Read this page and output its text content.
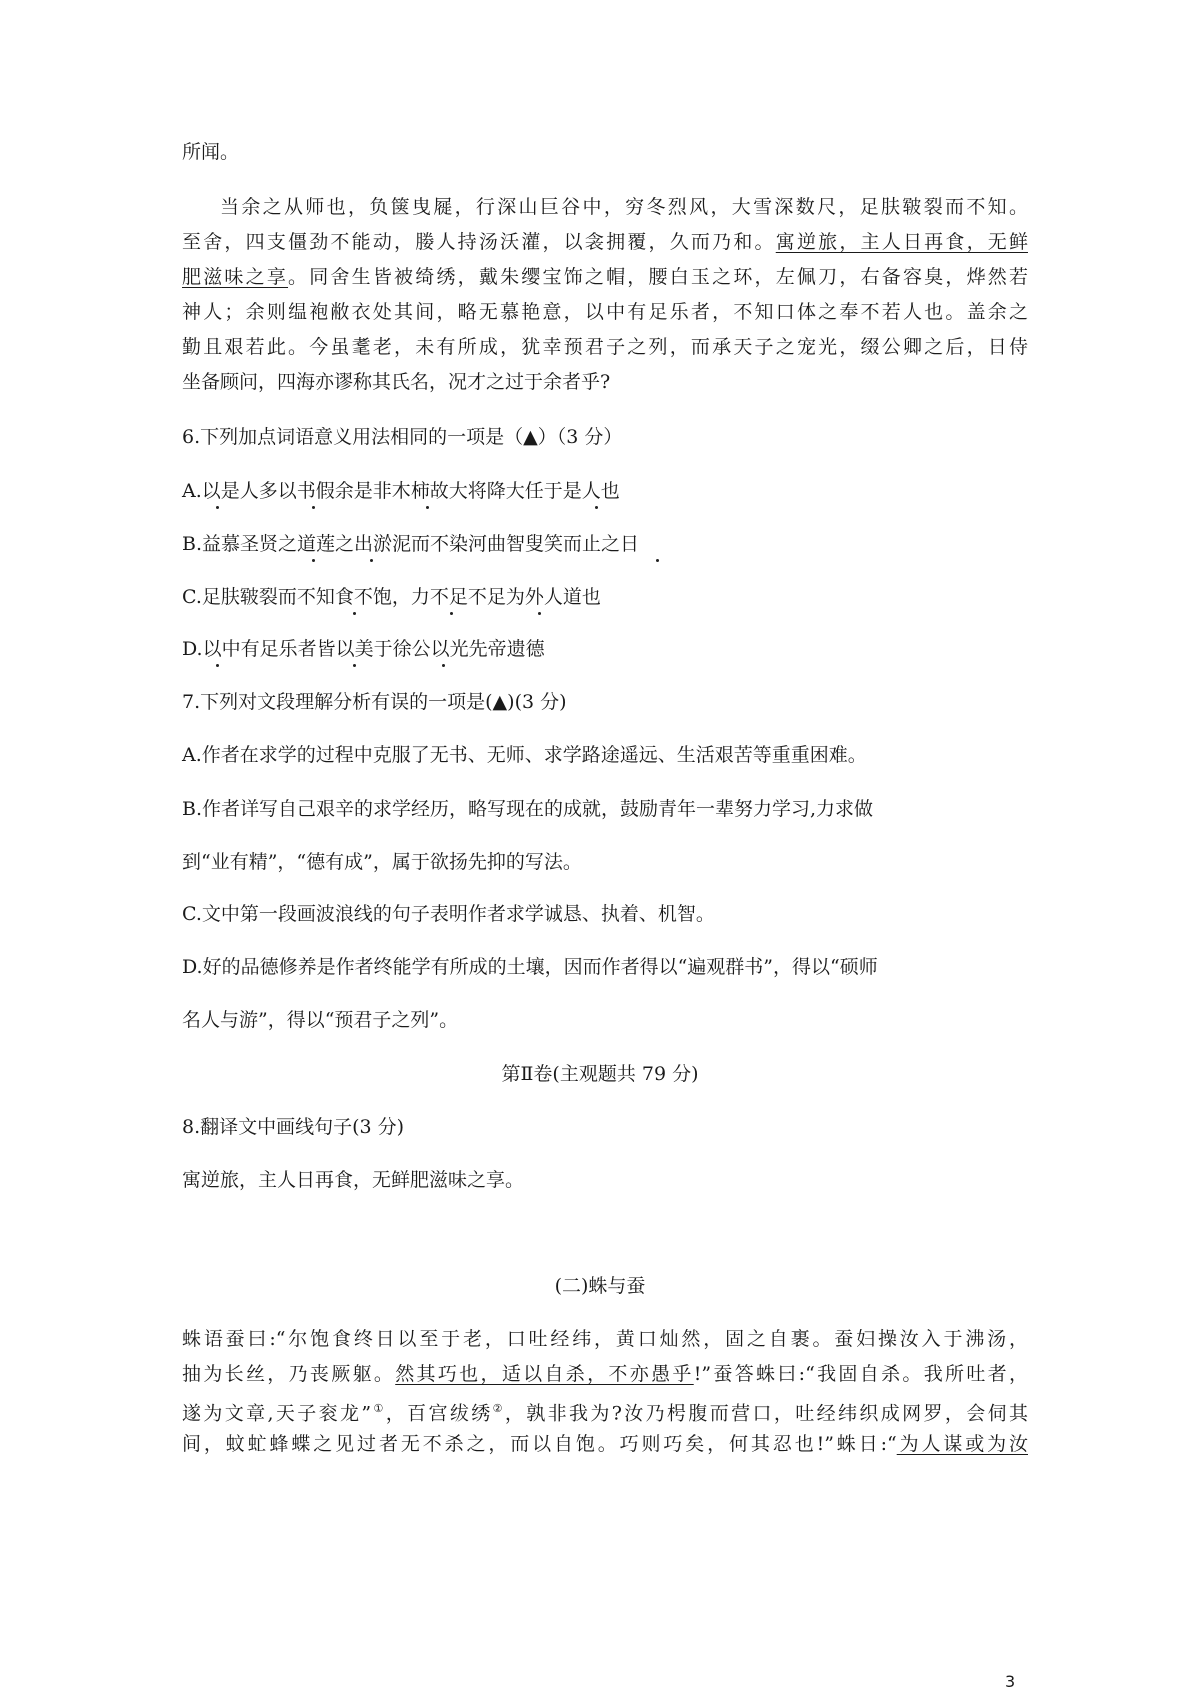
所闻。
当余之从师也，负箧曳屣，行深山巨谷中，穷冬烈风，大雪深数尺，足肤皲裂而不知。
至舍，四支僵劲不能动，媵人持汤沃灌，以衾拥覆，久而乃和。寓逆旅，主人日再食，无鲜
肥滋味之享。同舍生皆被绮绣，戴朱缨宝饰之帽，腰白玉之环，左佩刀，右备容臭，烨然若
神人；余则缊袍敝衣处其间，略无慕艳意，以中有足乐者，不知口体之奉不若人也。盖余之
勤且艰若此。今虽耄老，未有所成，犹幸预君子之列，而承天子之宠光，缀公卿之后，日侍
坐备顾问，四海亦谬称其氏名，况才之过于余者乎?
6.下列加点词语意义用法相同的一项是（▲）（3 分）
A.以是人多以书假余是非木柿故大将降大任于是人也
B.益慕圣贤之道莲之出淤泥而不染河曲智叟笑而止之日
C.足肤皲裂而不知食不饱，力不足不足为外人道也
D.以中有足乐者皆以美于徐公以光先帝遗德
7.下列对文段理解分析有误的一项是(▲)(3 分)
A.作者在求学的过程中克服了无书、无师、求学路途遥远、生活艰苦等重重困难。
B.作者详写自己艰辛的求学经历，略写现在的成就，鼓励青年一辈努力学习,力求做
到“业有精”，“德有成”，属于欲扬先抑的写法。
C.文中第一段画波浪线的句子表明作者求学诚恳、执着、机智。
D.好的品德修养是作者终能学有所成的土壤，因而作者得以“遍观群书”，得以“硕师
名人与游”，得以“预君子之列”。
第Ⅱ卷(主观题共 79 分)
8.翻译文中画线句子(3 分)
寓逆旅，主人日再食，无鲜肥滋味之享。
(二)蛛与蚕
蛛语蚕曰:“尔饱食终日以至于老，口吐经纬，黄口灿然，固之自裹。蚕妇操汝入于沸汤，
抽为长丝，乃丧厥躯。然其巧也，适以自杀，不亦愚乎!”蚕答蛛曰:“我固自杀。我所吐者，
遂为文章,天子衮龙”①，百宫绂绣②，孰非我为?汝乃枵腹而营口，吐经纬织成网罗，会伺其
间，蚊虻蜂蝶之见过者无不杀之，而以自饱。巧则巧矣，何其忍也!”蛛日:“为人谋或为汝
3
